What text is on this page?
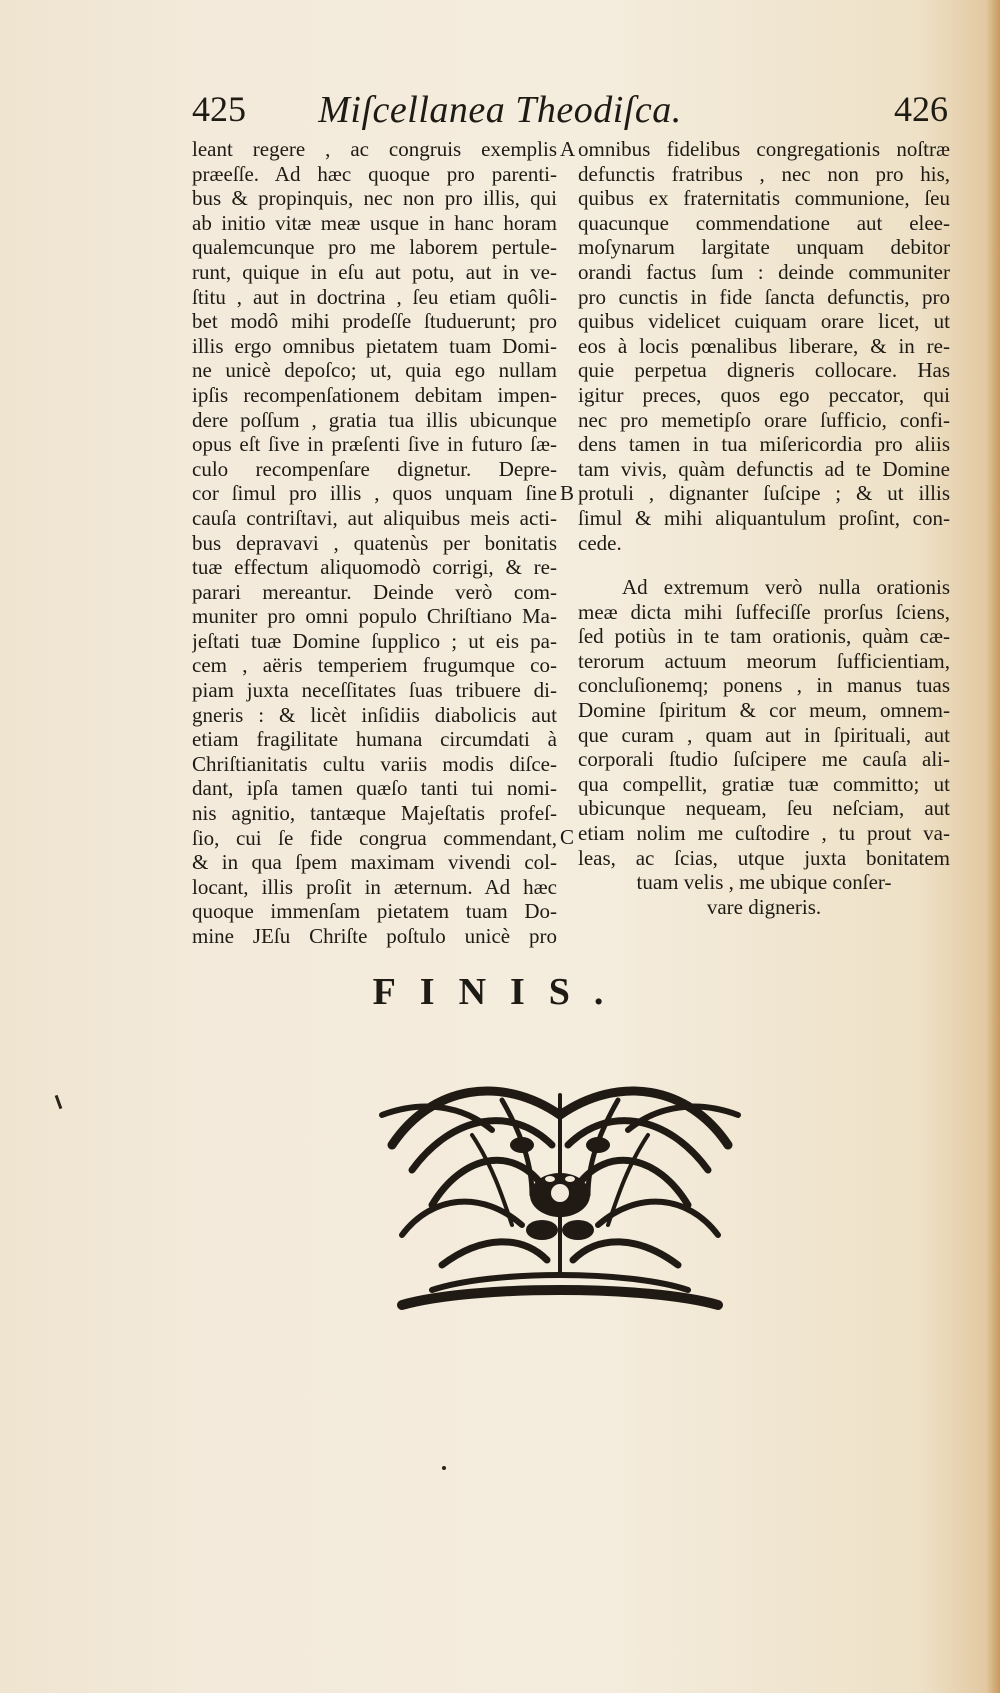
425	Miſcellanea Theodiſca.	426
A
B
C
leant regere , ac congruis exemplis
præeſſe. Ad hæc quoque pro parenti-
bus & propinquis, nec non pro illis, qui
ab initio vitæ meæ usque in hanc horam
qualemcunque pro me laborem pertule-
runt, quique in eſu aut potu, aut in ve-
ſtitu , aut in doctrina , ſeu etiam quôli-
bet modô mihi prodeſſe ſtuduerunt; pro
illis ergo omnibus pietatem tuam Domi-
ne unicè depoſco; ut, quia ego nullam
ipſis recompenſationem debitam impen-
dere poſſum , gratia tua illis ubicunque
opus eſt ſive in præſenti ſive in futuro ſæ-
culo recompenſare dignetur. Depre-
cor ſimul pro illis , quos unquam ſine
cauſa contriſtavi, aut aliquibus meis acti-
bus depravavi , quatenùs per bonitatis
tuæ effectum aliquomodò corrigi, & re-
parari mereantur. Deinde verò com-
muniter pro omni populo Chriſtiano Ma-
jeſtati tuæ Domine ſupplico ; ut eis pa-
cem , aëris temperiem frugumque co-
piam juxta neceſſitates ſuas tribuere di-
gneris : & licèt inſidiis diabolicis aut
etiam fragilitate humana circumdati à
Chriſtianitatis cultu variis modis diſce-
dant, ipſa tamen quæſo tanti tui nomi-
nis agnitio, tantæque Majeſtatis profeſ-
ſio, cui ſe fide congrua commendant,
& in qua ſpem maximam vivendi col-
locant, illis proſit in æternum. Ad hæc
quoque immenſam pietatem tuam Do-
mine JEſu Chriſte poſtulo unicè pro
omnibus fidelibus congregationis noſtræ
defunctis fratribus , nec non pro his,
quibus ex fraternitatis communione, ſeu
quacunque commendatione aut elee-
moſynarum largitate unquam debitor
orandi factus ſum : deinde communiter
pro cunctis in fide ſancta defunctis, pro
quibus videlicet cuiquam orare licet, ut
eos à locis pœnalibus liberare, & in re-
quie perpetua digneris collocare. Has
igitur preces, quos ego peccator, qui
nec pro memetipſo orare ſufficio, confi-
dens tamen in tua miſericordia pro aliis
tam vivis, quàm defunctis ad te Domine
protuli , dignanter ſuſcipe ; & ut illis
ſimul & mihi aliquantulum proſint, con-
cede.
Ad extremum verò nulla orationis
meæ dicta mihi ſuffeciſſe prorſus ſciens,
ſed potiùs in te tam orationis, quàm cæ-
terorum actuum meorum ſufficientiam,
concluſionemq; ponens , in manus tuas
Domine ſpiritum & cor meum, omnem-
que curam , quam aut in ſpirituali, aut
corporali ſtudio ſuſcipere me cauſa ali-
qua compellit, gratiæ tuæ committo; ut
ubicunque nequeam, ſeu neſciam, aut
etiam nolim me cuſtodire , tu prout va-
leas, ac ſcias, utque juxta bonitatem
tuam velis , me ubique conſer-
vare digneris.
FINIS.
